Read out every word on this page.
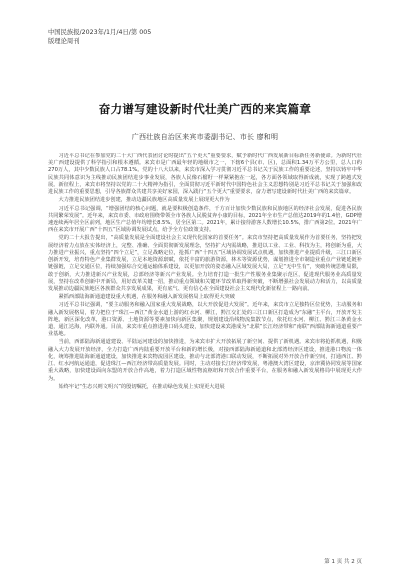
中国民族报/2023年/1月/4日/第 005
版理论周刊
奋力谱写建设新时代壮美广西的来宾篇章
广西壮族自治区来宾市委副书记、市长 廖和明

习近平总书记在参加党的二十大广西代表团讨论时提出“五个更大”重要要求，赋予新时代广西发展新目标新任务新使命。为新时代壮美广西建设提供了科学指引和根本遵循。来宾市是广西最年轻的地级市之一，下辖6个县(市、区)，总面积1.34万平方公里，总人口约270万人，其中少数民族人口占78.1%。党的十八大以来，来宾市深入学习贯彻习近平总书记关于民族工作的重要论述，坚持以铸牢中华民族共同体意识为主线推动民族团结进步事业发展，各族人民像石榴籽一样紧紧抱在一起，各方面各领域取得新成就，实现了跨越式发展。新征程上，来宾市将坚持以党的二十大精神为指引，全面贯彻习近平新时代中国特色社会主义思想特别是习近平总书记关于加强和改进民族工作的重要思想，引导各族群众共建共享美好家园，深入践行“五个更大”重要要求，奋力谱写建设新时代壮美广西的来宾篇章。

大力推进民族团结进步创建，推动边疆民族地区高质量发展上展现更大作为

习近平总书记强调，“增强团结的核心问题，就是要积极创造条件，千方百计加快少数民族和民族地区的经济社会发展，促进各民族共同繁荣发展”。近年来，来宾市委、市政府围绕带领全市各族人民脱贫奔小康的目标，2021年全市生产总值达2019年的1.4倍，GDP增速连续两年居全区前列，地区生产总值年均增长8.5%，居全区第二。2021年，累计接待游客人数增长10.5%，排广西第2位。2021年广西在来宾市开展广西“十四五”区域协调发展试点，给予全方位政策支持。

党的二十大报告提出，“高质量发展是全面建设社会主义现代化国家的首要任务”。来宾市坚持把高质量发展作为首要任务，坚持把发展经济着力点放在实体经济上，完整、准确、全面贯彻新发展理念，坚持扩大内需战略，推进以工业、工业、科技为主，将创新为重，大力推进产业振兴，重点坚持“四个立足”，立足战略定位，抢抓广西“十四五”区域协调发展试点机遇，加快推进产业提质升级，三江口新区创新开发，培育特色产业集群发展，立足本地资源禀赋，依托丰富的旅游资源，林木等资源优势，谋划推进全市制造业重点产业链延链补链强链，立足交通区位，持续加强综合交通运输体系建设，以更加开放的姿态融入区域发展大局，立足“无中生有”，突破传统思维局限，敢于创新，大力推进新兴产业发展，总部经济等新兴产业发展。全力培育打造一批生产性服务业集聚示范区，促进现代服务业高质量发展，坚持在改革创新中开新局，用好改革关键一招，推动重点领域和关键环节改革取得新突破，不断增强社会发展动力和活力，以高质量发展推动边疆民族地区各族群众共享发展成果，更有底气、更有信心在全面建设社会主义现代化新征程上一路向前。

紧抓西部陆海新通道建设重大机遇，在服务和融入新发展格局上取得更大突破

习近平总书记强调，“要主动服务和融入国家重大发展战略，以大开放促进大发展”。近年来，来宾市立足独特区位优势，主动服务和融入新发展格局，着力把位于“珠江—西江”黄金水道上游的红水河、柳江，黔江交汇处的三江口新区打造成为“东融”主平台，开放开发主阵地，新区深化改革，港口资源、土地资源等要素加快向新区集聚，规划建设沿线物流集散节点，依托红水河、柳江、黔江三条黄金水道，通江达海，内联外通。目前，来宾市重点推进港口码头建设，加快建设来宾港成为“北联”长江经济带和“南联”西部陆海新通道重要产业基地。

当前，西部陆海新通道建设、平陆运河建设的加快推进，为来宾市扩大开放拓展了新空间、提供了新机遇。来宾市将抢抓机遇，积极融入大力发展开放经济，全力打造广西内陆重要开放平台和新的增长极，对接西部陆海新通道和北部湾经济区建设，推进港口物流一体化，统筹推进陆海新通道建设，加快推进来宾物流园区建设，推动与北部湾港口联动发展，不断拓展对外开放合作新空间，打通西江、黔江、红水河航运通道，促进珠江—西江经济带高质量发展。同时，主动对接长江经济带发展，粤港澳大湾区建设，京津冀协同发展等国家重大战略，加快建设面向东盟的开放合作高地，着力打造区域性物流枢纽和开放合作重要平台，在服务和融入新发展格局中展现更大作为。

始终牢记“生态兴则文明兴”的殷切嘱托，在推动绿色发展上实现更大进展

第 1 页 共 2 页
